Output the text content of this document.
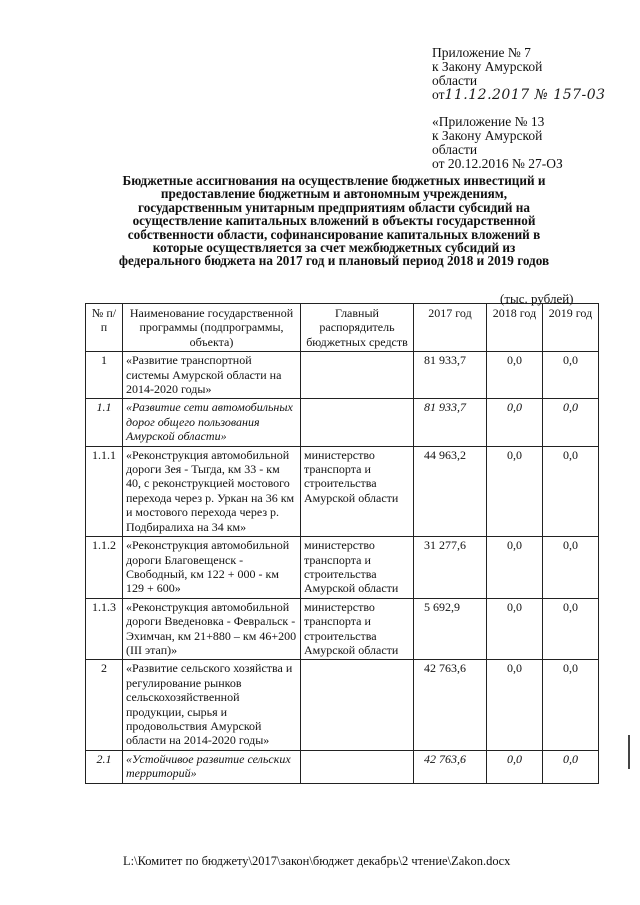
Приложение № 7
к Закону Амурской
области
от11.12.2017 № 157-03
«Приложение № 13
к Закону Амурской
области
от 20.12.2016 № 27-ОЗ
Бюджетные ассигнования на осуществление бюджетных инвестиций и
предоставление бюджетным и автономным учреждениям,
государственным унитарным предприятиям области субсидий на
осуществление капитальных вложений в объекты государственной
собственности области, софинансирование капитальных вложений в
которые осуществляется за счет межбюджетных субсидий из
федерального бюджета на 2017 год и плановый период 2018 и 2019 годов
(тыс. рублей)
№ п/п	Наименование государственной программы (подпрограммы, объекта)	Главный распорядитель бюджетных средств	2017 год	2018 год	2019 год
1	«Развитие транспортной системы Амурской области на 2014-2020 годы»		81 933,7	0,0	0,0
1.1	«Развитие сети автомобильных дорог общего пользования Амурской области»		81 933,7	0,0	0,0
1.1.1	«Реконструкция автомобильной дороги Зея - Тыгда, км 33 - км 40, с реконструкцией мостового перехода через р. Уркан на 36 км и мостового перехода через р. Подбиралиха на 34 км»	министерство транспорта и строительства Амурской области	44 963,2	0,0	0,0
1.1.2	«Реконструкция автомобильной дороги Благовещенск - Свободный, км 122 + 000 - км 129 + 600»	министерство транспорта и строительства Амурской области	31 277,6	0,0	0,0
1.1.3	«Реконструкция автомобильной дороги Введеновка - Февральск - Эхимчан, км 21+880 – км 46+200 (III этап)»	министерство транспорта и строительства Амурской области	5 692,9	0,0	0,0
2	«Развитие сельского хозяйства и регулирование рынков сельскохозяйственной продукции, сырья и продовольствия Амурской области на 2014-2020 годы»		42 763,6	0,0	0,0
2.1	«Устойчивое развитие сельских территорий»		42 763,6	0,0	0,0
L:\Комитет по бюджету\2017\закон\бюджет декабрь\2 чтение\Zakon.docx
